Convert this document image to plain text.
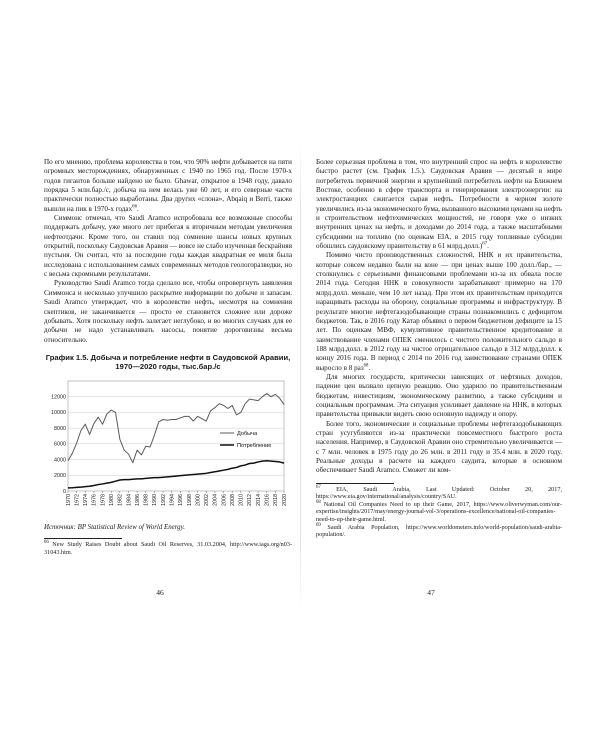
По его мнению, проблема королевства в том, что 90% нефти добывается на пяти огромных месторождениях, обнаруженных с 1940 по 1965 год. После 1970-х годов гигантов больше найдено не было. Ghawar, открытое в 1948 году, давало порядка 5 млн.бар./с, добыча на нем велась уже 60 лет, и его северные части практически полностью выработаны. Два других «слона», Abqaiq и Berri, также вышли на пик в 1970-х годах$^{66}$.

Симмонс отмечал, что Saudi Aramco испробовала все возможные способы поддержать добычу, уже много лет прибегая к вторичным методам увеличения нефтеотдачи. Кроме того, он ставил под сомнение шансы новых крупных открытий, поскольку Саудовская Аравия — вовсе не слабо изученная бескрайняя пустыня. Он считал, что за последние годы каждая квадратная ее миля была исследована с использованием самых современных методов геологоразведки, но с весьма скромными результатами.

Руководство Saudi Aramco тогда сделало все, чтобы опровергнуть заявления Симмонса и несколько улучшило раскрытие информации по добыче и запасам. Saudi Aramco утверждает, что в королевстве нефть, несмотря на сомнения скептиков, не заканчивается — просто ее становится сложнее или дороже добывать. Хотя поскольку нефть залегает неглубоко, и во многих случаях для ее добычи не надо устанавливать насосы, понятие дороговизны весьма относительно.

График 1.5. Добыча и потребление нефти в Саудовской Аравии, 1970—2020 годы, тыс.бар./с
0
2000
4000
6000
8000
10000
12000
1970 1972 1974 1976 1978 1980 1982 1984 1986 1988 1990 1992 1994 1996 1998 2000 2002 2004 2006 2008 2010 2012 2014 2016 2018 2020
Добыча
Потребление
Источник: BP Statistical Review of World Energy.
$^{66}$ New Study Raises Doubt about Saudi Oil Reserves, 31.03.2004, http://www.iags.org/n03-31043.htm.
46

Более серьезная проблема в том, что внутренний спрос на нефть в королевстве быстро растет (см. График 1.5.). Саудовская Аравия — десятый в мире потребитель первичной энергии и крупнейший потребитель нефти на Ближнем Востоке, особенно в сфере транспорта и генерирования электроэнергии: на электростанциях сжигается сырая нефть. Потребности в черном золоте увеличились из-за экономического бума, вызванного высокими ценами на нефть и строительством нефтехимических мощностей, не говоря уже о низких внутренних ценах на нефть, и доходами до 2014 года, а также масштабными субсидиями на топливо (по оценкам EIA, в 2015 году топливные субсидии обошлись саудовскому правительству в 61 млрд.долл.)$^{67}$.

Помимо чисто производственных сложностей, ННК и их правительства, которые совсем недавно были на коне — при ценах выше 100 долл./бар., — столкнулись с серьезными финансовыми проблемами из-за их обвала после 2014 года. Сегодня ННК в совокупности зарабатывают примерно на 170 млрд.долл. меньше, чем 10 лет назад. При этом их правительствам приходится наращивать расходы на оборону, социальные программы и инфраструктуру. В результате многие нефтегазодобывающие страны познакомились с дефицитом бюджетов. Так, в 2016 году Катар объявил о первом бюджетном дефиците за 15 лет. По оценкам МВФ, кумулятивное правительственное кредитование и заимствование членами ОПЕК сменилось с чистого положительного сальдо в 188 млрд.долл. в 2012 году на чистое отрицательное сальдо в 312 млрд.долл. к концу 2016 года. В период с 2014 по 2016 год заимствование странами ОПЕК выросло в 8 раз$^{68}$.

Для многих государств, критически зависящих от нефтяных доходов, падение цен вызвало цепную реакцию. Оно ударило по правительственным бюджетам, инвестициям, экономическому развитию, а также субсидиям и социальным программам. Эта ситуация усиливает давление на ННК, в которых правительства привыкли видеть свою основную надежду и опору.

Более того, экономические и социальные проблемы нефтегазодобывающих стран усугубляются из-за практически повсеместного быстрого роста населения. Например, в Саудовской Аравии оно стремительно увеличивается — с 7 млн. человек в 1975 году до 26 млн. в 2011 году и 35.4 млн. в 2020 году. Реальные доходы в расчете на каждого саудита, которые в основном обеспечивает Saudi Aramco. Сможет ли ком-

$^{67}$ EIA, Saudi Arabia, Last Updated: October 20, 2017, https://www.eia.gov/international/analysis/country/SAU.
$^{68}$ National Oil Companies Need to up their Game, 2017, https://www.oliverwyman.com/our-expertise/insights/2017/may/energy-journal-vol-3/operations-excellence/national-oil-companies-need-to-up-their-game.html.
$^{69}$ Saudi Arabia Population, https://www.worldometers.info/world-population/saudi-arabia-population/.
47
